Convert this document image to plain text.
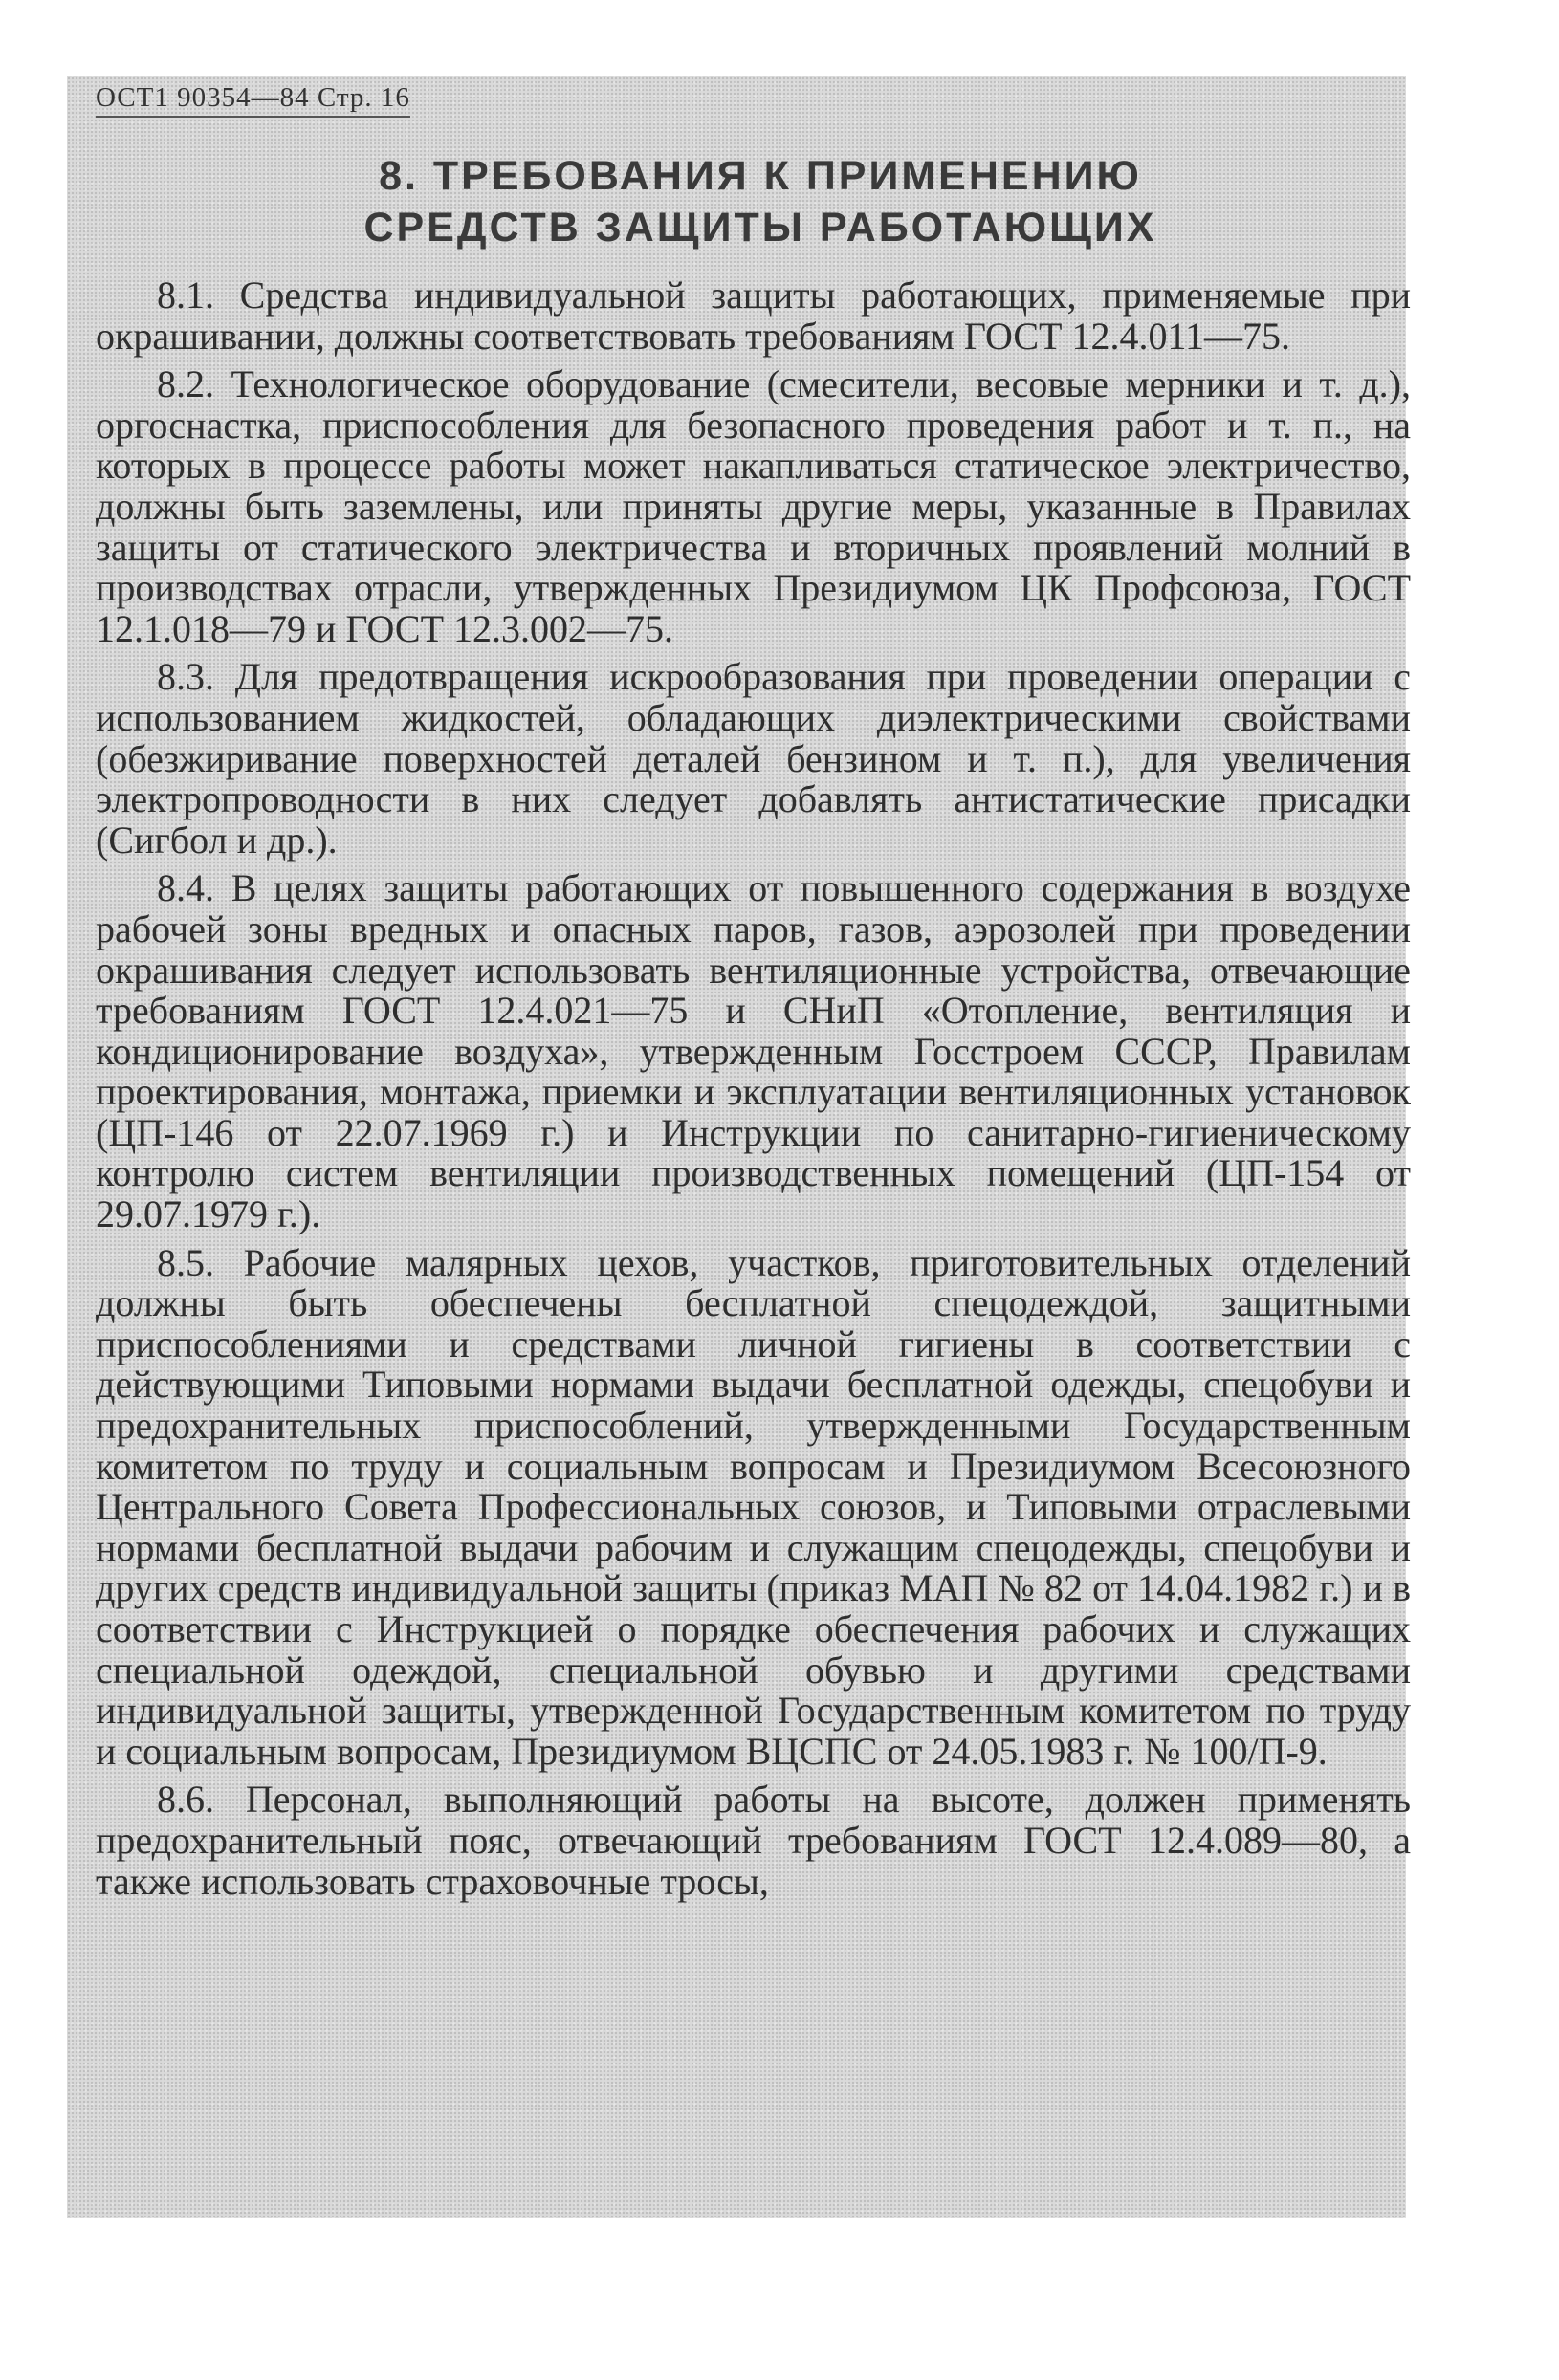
ОСТ1 90354—84 Стр. 16
8. ТРЕБОВАНИЯ К ПРИМЕНЕНИЮ
СРЕДСТВ ЗАЩИТЫ РАБОТАЮЩИХ

8.1. Средства индивидуальной защиты работающих, применяемые при окрашивании, должны соответствовать требованиям ГОСТ 12.4.011—75.

8.2. Технологическое оборудование (смесители, весовые мерники и т. д.), оргоснастка, приспособления для безопасного проведения работ и т. п., на которых в процессе работы может накапливаться статическое электричество, должны быть заземлены, или приняты другие меры, указанные в Правилах защиты от статического электричества и вторичных проявлений молний в производствах отрасли, утвержденных Президиумом ЦК Профсоюза, ГОСТ 12.1.018—79 и ГОСТ 12.3.002—75.

8.3. Для предотвращения искрообразования при проведении операции с использованием жидкостей, обладающих диэлектрическими свойствами (обезжиривание поверхностей деталей бензином и т. п.), для увеличения электропроводности в них следует добавлять антистатические присадки (Сигбол и др.).

8.4. В целях защиты работающих от повышенного содержания в воздухе рабочей зоны вредных и опасных паров, газов, аэрозолей при проведении окрашивания следует использовать вентиляционные устройства, отвечающие требованиям ГОСТ 12.4.021—75 и СНиП «Отопление, вентиляция и кондиционирование воздуха», утвержденным Госстроем СССР, Правилам проектирования, монтажа, приемки и эксплуатации вентиляционных установок (ЦП-146 от 22.07.1969 г.) и Инструкции по санитарно-гигиеническому контролю систем вентиляции производственных помещений (ЦП-154 от 29.07.1979 г.).

8.5. Рабочие малярных цехов, участков, приготовительных отделений должны быть обеспечены бесплатной спецодеждой, защитными приспособлениями и средствами личной гигиены в соответствии с действующими Типовыми нормами выдачи бесплатной одежды, спецобуви и предохранительных приспособлений, утвержденными Государственным комитетом по труду и социальным вопросам и Президиумом Всесоюзного Центрального Совета Профессиональных союзов, и Типовыми отраслевыми нормами бесплатной выдачи рабочим и служащим спецодежды, спецобуви и других средств индивидуальной защиты (приказ МАП № 82 от 14.04.1982 г.) и в соответствии с Инструкцией о порядке обеспечения рабочих и служащих специальной одеждой, специальной обувью и другими средствами индивидуальной защиты, утвержденной Государственным комитетом по труду и социальным вопросам, Президиумом ВЦСПС от 24.05.1983 г. № 100/П-9.

8.6. Персонал, выполняющий работы на высоте, должен применять предохранительный пояс, отвечающий требованиям ГОСТ 12.4.089—80, а также использовать страховочные тросы,
